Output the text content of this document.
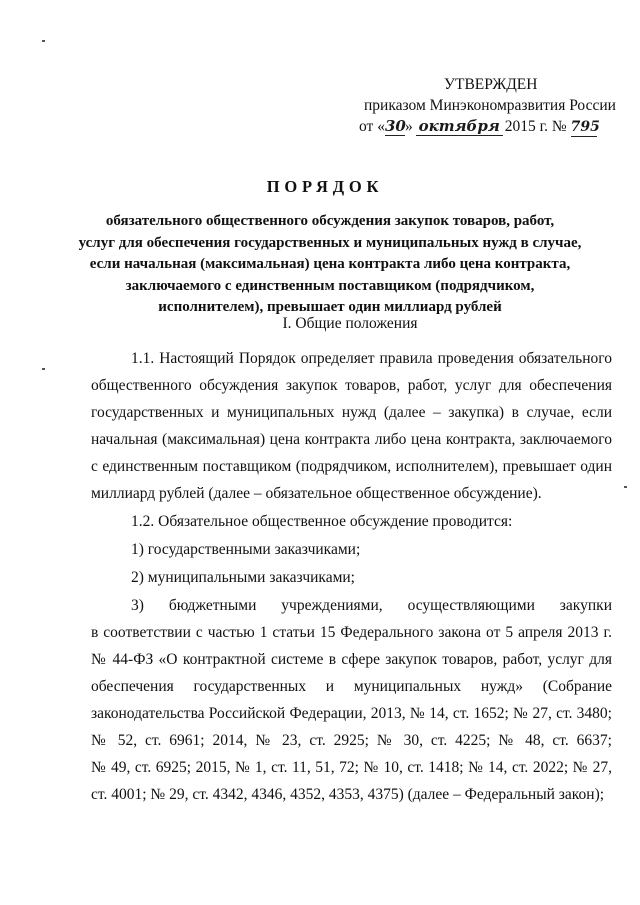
УТВЕРЖДЕН
приказом Минэкономразвития России
от «30» октября 2015 г. № 795
ПОРЯДОК
обязательного общественного обсуждения закупок товаров, работ,
услуг для обеспечения государственных и муниципальных нужд в случае,
если начальная (максимальная) цена контракта либо цена контракта,
заключаемого с единственным поставщиком (подрядчиком,
исполнителем), превышает один миллиард рублей
I. Общие положения
1.1. Настоящий Порядок определяет правила проведения обязательного
общественного обсуждения закупок товаров, работ, услуг для обеспечения
государственных и муниципальных нужд (далее – закупка) в случае, если
начальная (максимальная) цена контракта либо цена контракта, заключаемого
с единственным поставщиком (подрядчиком, исполнителем), превышает один
миллиард рублей (далее – обязательное общественное обсуждение).
1.2. Обязательное общественное обсуждение проводится:
1) государственными заказчиками;
2) муниципальными заказчиками;
3) бюджетными учреждениями, осуществляющими закупки
в соответствии с частью 1 статьи 15 Федерального закона от 5 апреля 2013 г.
№ 44-ФЗ «О контрактной системе в сфере закупок товаров, работ, услуг для
обеспечения государственных и муниципальных нужд» (Собрание
законодательства Российской Федерации, 2013, № 14, ст. 1652; № 27, ст. 3480;
№ 52, ст. 6961; 2014, № 23, ст. 2925; № 30, ст. 4225; № 48, ст. 6637;
№ 49, ст. 6925; 2015, № 1, ст. 11, 51, 72; № 10, ст. 1418; № 14, ст. 2022; № 27,
ст. 4001; № 29, ст. 4342, 4346, 4352, 4353, 4375) (далее – Федеральный закон);
